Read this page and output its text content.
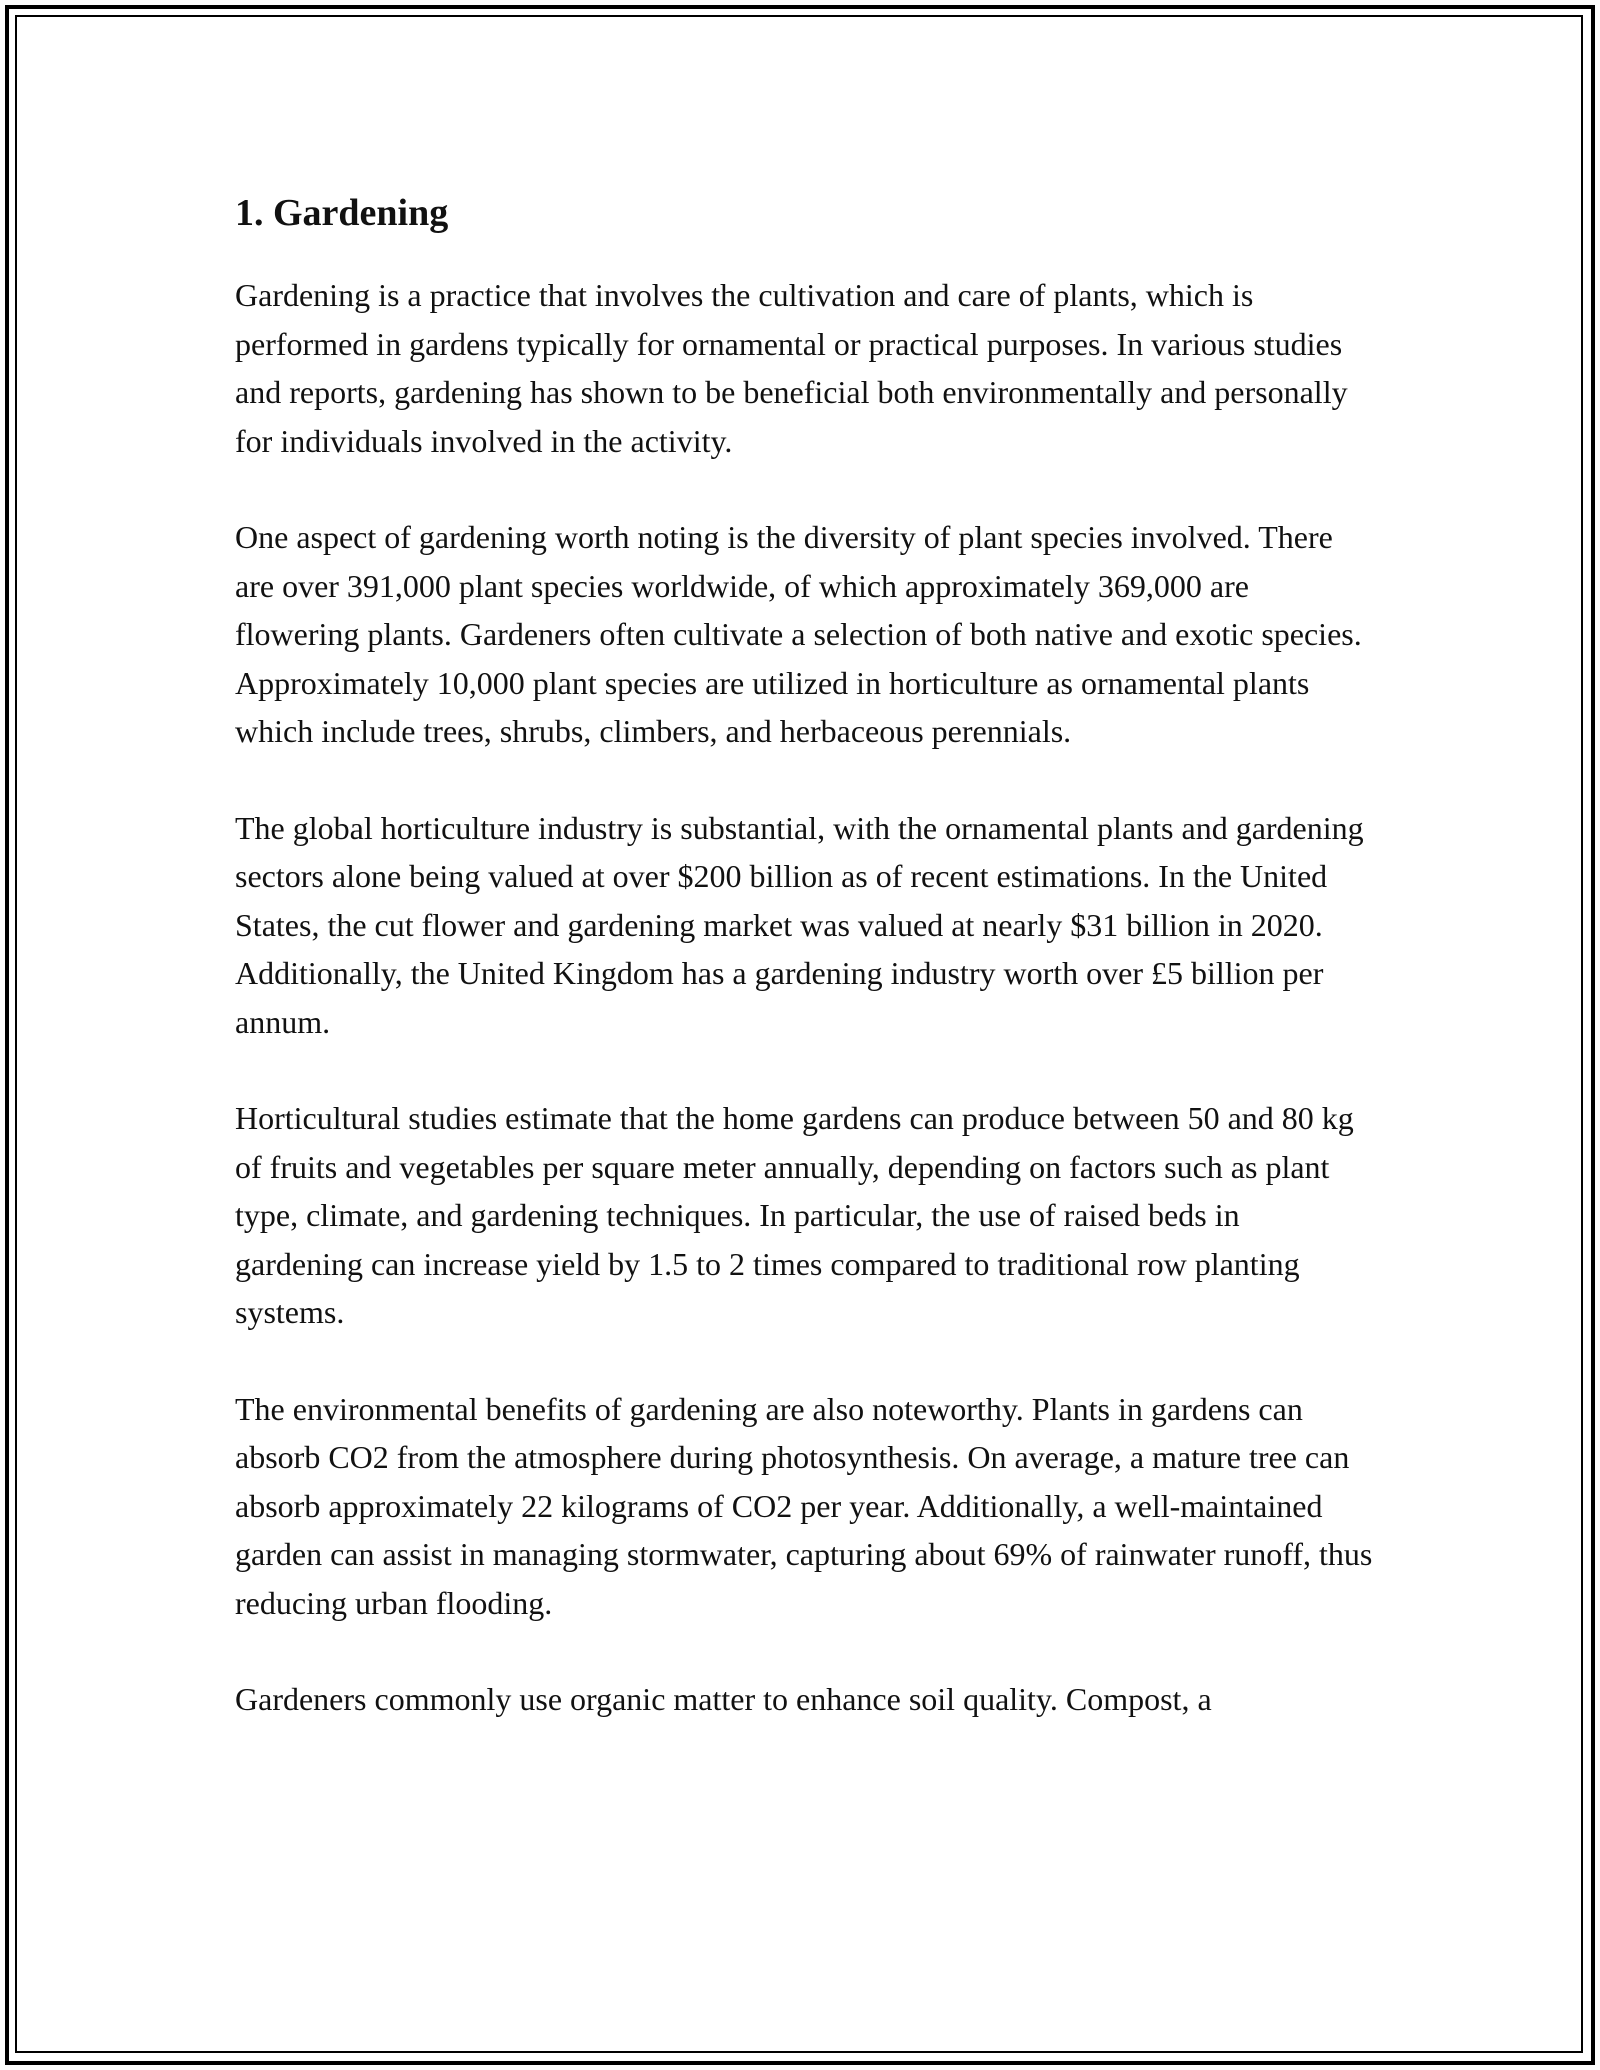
1. Gardening

Gardening is a practice that involves the cultivation and care of plants, which is performed in gardens typically for ornamental or practical purposes. In various studies and reports, gardening has shown to be beneficial both environmentally and personally for individuals involved in the activity.

One aspect of gardening worth noting is the diversity of plant species involved. There are over 391,000 plant species worldwide, of which approximately 369,000 are flowering plants. Gardeners often cultivate a selection of both native and exotic species. Approximately 10,000 plant species are utilized in horticulture as ornamental plants which include trees, shrubs, climbers, and herbaceous perennials.

The global horticulture industry is substantial, with the ornamental plants and gardening sectors alone being valued at over $200 billion as of recent estimations. In the United States, the cut flower and gardening market was valued at nearly $31 billion in 2020. Additionally, the United Kingdom has a gardening industry worth over £5 billion per annum.

Horticultural studies estimate that the home gardens can produce between 50 and 80 kg of fruits and vegetables per square meter annually, depending on factors such as plant type, climate, and gardening techniques. In particular, the use of raised beds in gardening can increase yield by 1.5 to 2 times compared to traditional row planting systems.

The environmental benefits of gardening are also noteworthy. Plants in gardens can absorb CO2 from the atmosphere during photosynthesis. On average, a mature tree can absorb approximately 22 kilograms of CO2 per year. Additionally, a well-maintained garden can assist in managing stormwater, capturing about 69% of rainwater runoff, thus reducing urban flooding.

Gardeners commonly use organic matter to enhance soil quality. Compost, a
